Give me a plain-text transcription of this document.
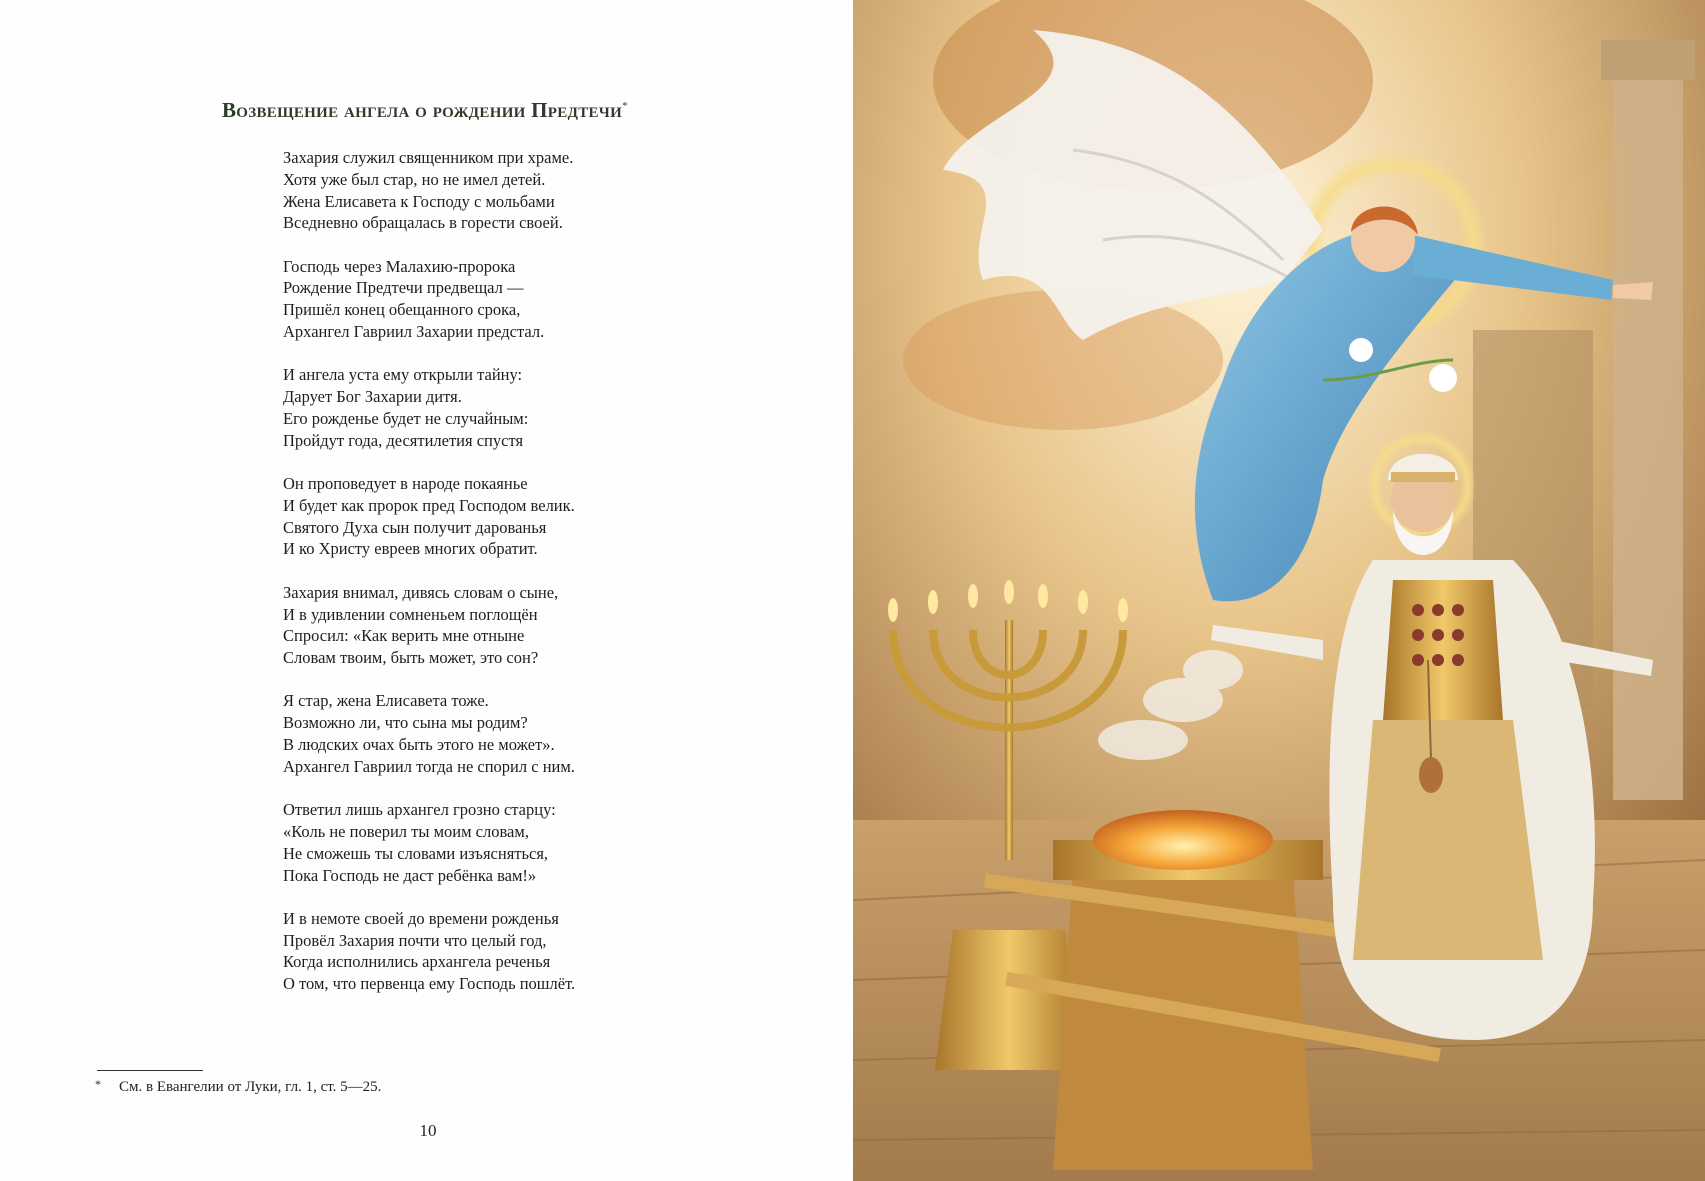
Возвещение ангела о рождении Предтечи*
Захария служил священником при храме.
Хотя уже был стар, но не имел детей.
Жена Елисавета к Господу с мольбами
Вседневно обращалась в горести своей.
Господь через Малахию-пророка
Рождение Предтечи предвещал —
Пришёл конец обещанного срока,
Архангел Гавриил Захарии предстал.
И ангела уста ему открыли тайну:
Дарует Бог Захарии дитя.
Его рожденье будет не случайным:
Пройдут года, десятилетия спустя
Он проповедует в народе покаянье
И будет как пророк пред Господом велик.
Святого Духа сын получит дарованья
И ко Христу евреев многих обратит.
Захария внимал, дивясь словам о сыне,
И в удивлении сомненьем поглощён
Спросил: «Как верить мне отныне
Словам твоим, быть может, это сон?
Я стар, жена Елисавета тоже.
Возможно ли, что сына мы родим?
В людских очах быть этого не может».
Архангел Гавриил тогда не спорил с ним.
Ответил лишь архангел грозно старцу:
«Коль не поверил ты моим словам,
Не сможешь ты словами изъясняться,
Пока Господь не даст ребёнка вам!»
И в немоте своей до времени рожденья
Провёл Захария почти что целый год,
Когда исполнились архангела реченья
О том, что первенца ему Господь пошлёт.
* См. в Евангелии от Луки, гл. 1, ст. 5—25.
10
